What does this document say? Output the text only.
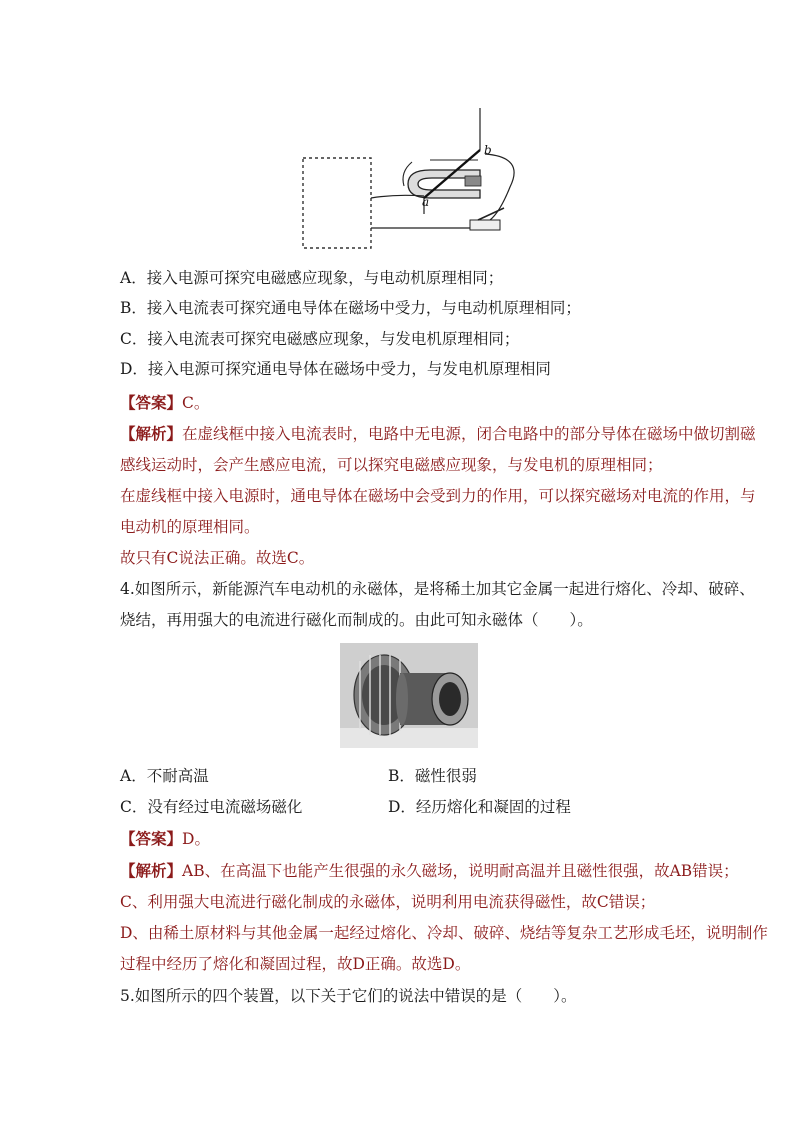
a
b
A．接入电源可探究电磁感应现象，与电动机原理相同；
B．接入电流表可探究通电导体在磁场中受力，与电动机原理相同；
C．接入电流表可探究电磁感应现象，与发电机原理相同；
D．接入电源可探究通电导体在磁场中受力，与发电机原理相同
【答案】C。
【解析】在虚线框中接入电流表时，电路中无电源，闭合电路中的部分导体在磁场中做切割磁
感线运动时，会产生感应电流，可以探究电磁感应现象，与发电机的原理相同；
在虚线框中接入电源时，通电导体在磁场中会受到力的作用，可以探究磁场对电流的作用，与
电动机的原理相同。
故只有C说法正确。故选C。
4.如图所示，新能源汽车电动机的永磁体，是将稀土加其它金属一起进行熔化、冷却、破碎、
烧结，再用强大的电流进行磁化而制成的。由此可知永磁体（　　）。
A．不耐高温	B．磁性很弱
C．没有经过电流磁场磁化	D．经历熔化和凝固的过程
【答案】D。
【解析】AB、在高温下也能产生很强的永久磁场，说明耐高温并且磁性很强，故AB错误；
C、利用强大电流进行磁化制成的永磁体，说明利用电流获得磁性，故C错误；
D、由稀土原材料与其他金属一起经过熔化、冷却、破碎、烧结等复杂工艺形成毛坯，说明制作
过程中经历了熔化和凝固过程，故D正确。故选D。
5.如图所示的四个装置，以下关于它们的说法中错误的是（　　）。
